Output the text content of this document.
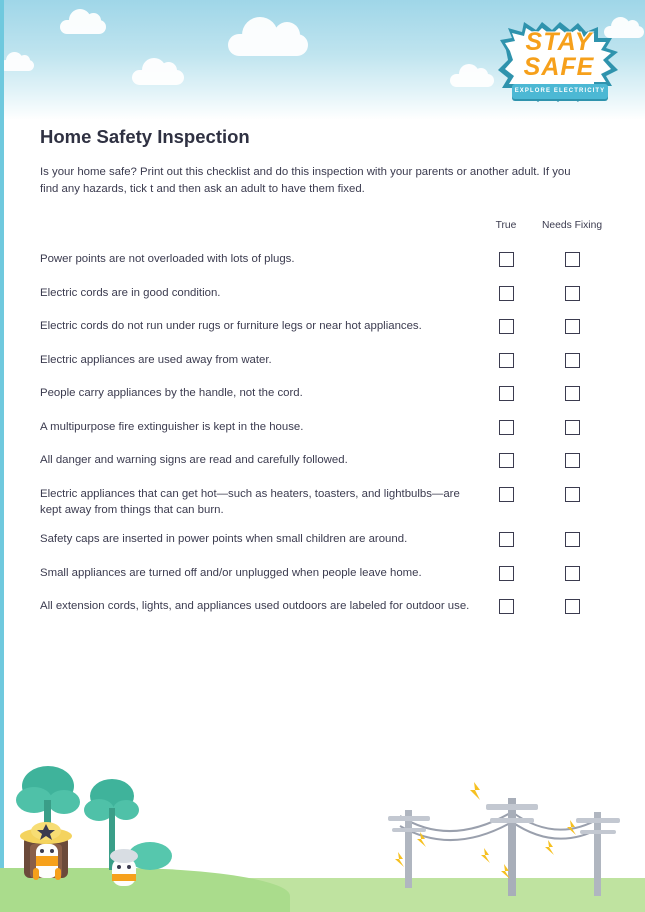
STAY
SAFE
EXPLORE ELECTRICITY
Home Safety Inspection

Is your home safe? Print out this checklist and do this inspection with your parents or another adult. If you find any hazards, tick t and then ask an adult to have them fixed.

	True	Needs Fixing
Power points are not overloaded with lots of plugs.		
Electric cords are in good condition.		
Electric cords do not run under rugs or furniture legs or near hot appliances.		
Electric appliances are used away from water.		
People carry appliances by the handle, not the cord.		
A multipurpose fire extinguisher is kept in the house.		
All danger and warning signs are read and carefully followed.		
Electric appliances that can get hot—such as heaters, toasters, and lightbulbs—are kept away from things that can burn.		
Safety caps are inserted in power points when small children are around.		
Small appliances are turned off and/or unplugged when people leave home.		
All extension cords, lights, and appliances used outdoors are labeled for outdoor use.		
